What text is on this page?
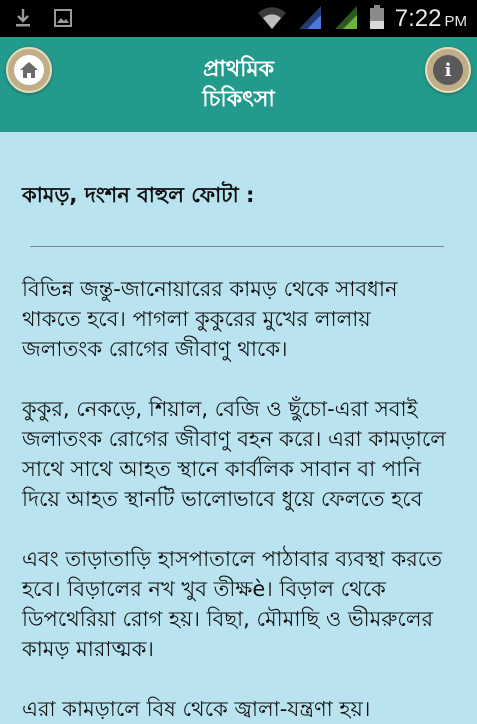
7:22 PM
প্রাথমিক
চিকিৎসা
i
কামড়, দংশন বাহুল ফোটা :

বিভিন্ন জন্তু-জানোয়ারের কামড় থেকে সাবধান থাকতে হবে। পাগলা কুকুরের মুখের লালায় জলাতংক রোগের জীবাণু থাকে।

কুকুর, নেকড়ে, শিয়াল, বেজি ও ছুঁচো-এরা সবাই জলাতংক রোগের জীবাণু বহন করে। এরা কামড়ালে সাথে সাথে আহত স্থানে কার্বলিক সাবান বা পানি দিয়ে আহত স্থানটি ভালোভাবে ধুয়ে ফেলতে হবে

এবং তাড়াতাড়ি হাসপাতালে পাঠাবার ব্যবস্থা করতে হবে। বিড়ালের নখ খুব তীক্ষè। বিড়াল থেকে ডিপথেরিয়া রোগ হয়। বিছা, মৌমাছি ও ভীমরুলের কামড় মারাত্মক।

এরা কামড়ালে বিষ থেকে জ্বালা-যন্ত্রণা হয়।
